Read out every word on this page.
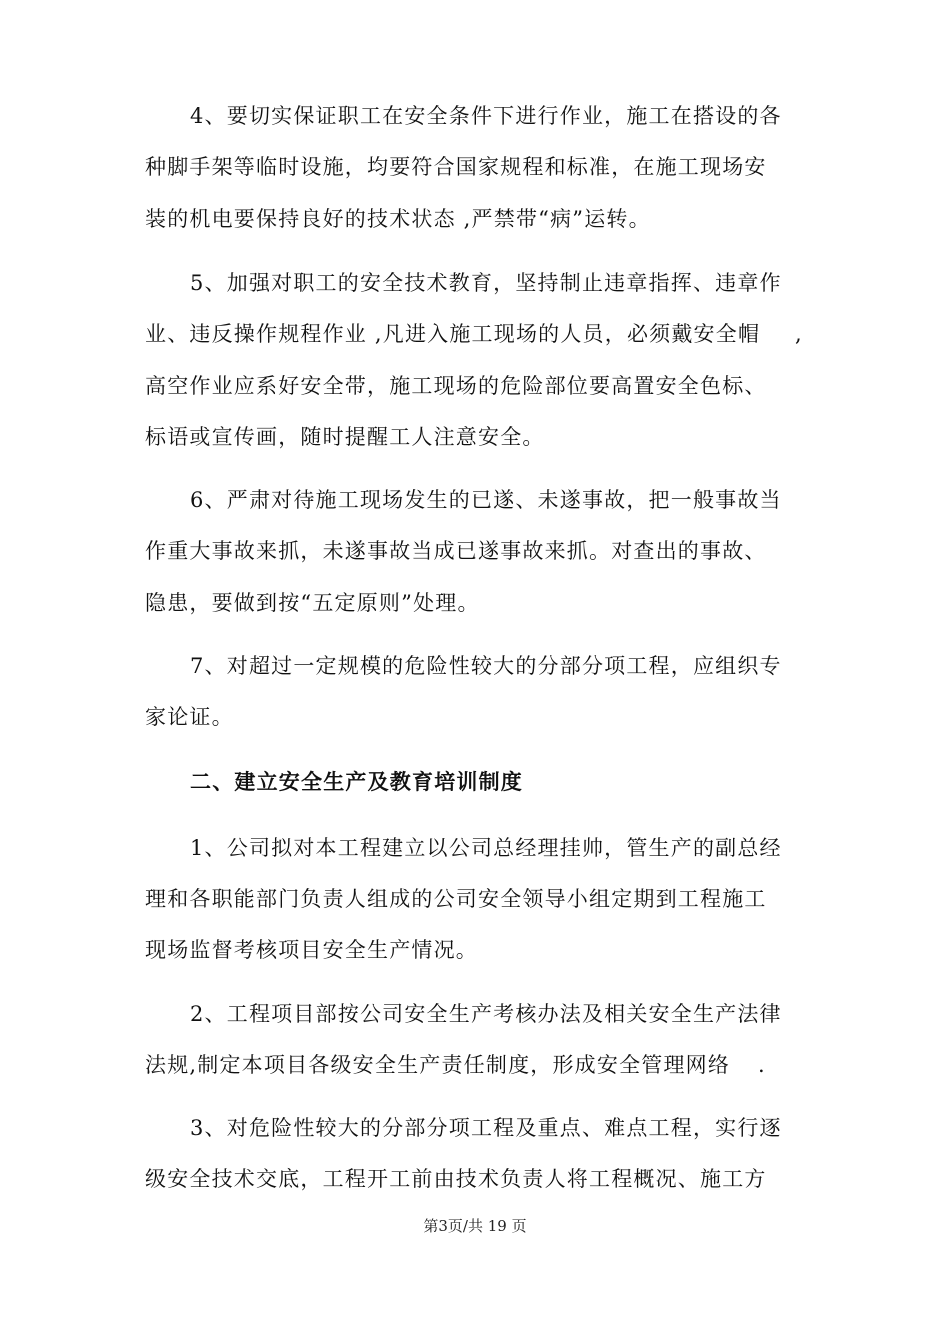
4、要切实保证职工在安全条件下进行作业，施工在搭设的各
种脚手架等临时设施，均要符合国家规程和标准，在施工现场安
装的机电要保持良好的技术状态 ,严禁带“病”运转。
5、加强对职工的安全技术教育，坚持制止违章指挥、违章作
业、违反操作规程作业 ,凡进入施工现场的人员，必须戴安全帽 ,
高空作业应系好安全带，施工现场的危险部位要高置安全色标、
标语或宣传画，随时提醒工人注意安全。
6、严肃对待施工现场发生的已遂、未遂事故，把一般事故当
作重大事故来抓，未遂事故当成已遂事故来抓。对查出的事故、
隐患，要做到按“五定原则”处理。
7、对超过一定规模的危险性较大的分部分项工程，应组织专
家论证。
二、建立安全生产及教育培训制度
1、公司拟对本工程建立以公司总经理挂帅，管生产的副总经
理和各职能部门负责人组成的公司安全领导小组定期到工程施工
现场监督考核项目安全生产情况。
2、工程项目部按公司安全生产考核办法及相关安全生产法律
法规,制定本项目各级安全生产责任制度，形成安全管理网络 .
3、对危险性较大的分部分项工程及重点、难点工程，实行逐
级安全技术交底，工程开工前由技术负责人将工程概况、施工方
第3页/共 19 页
